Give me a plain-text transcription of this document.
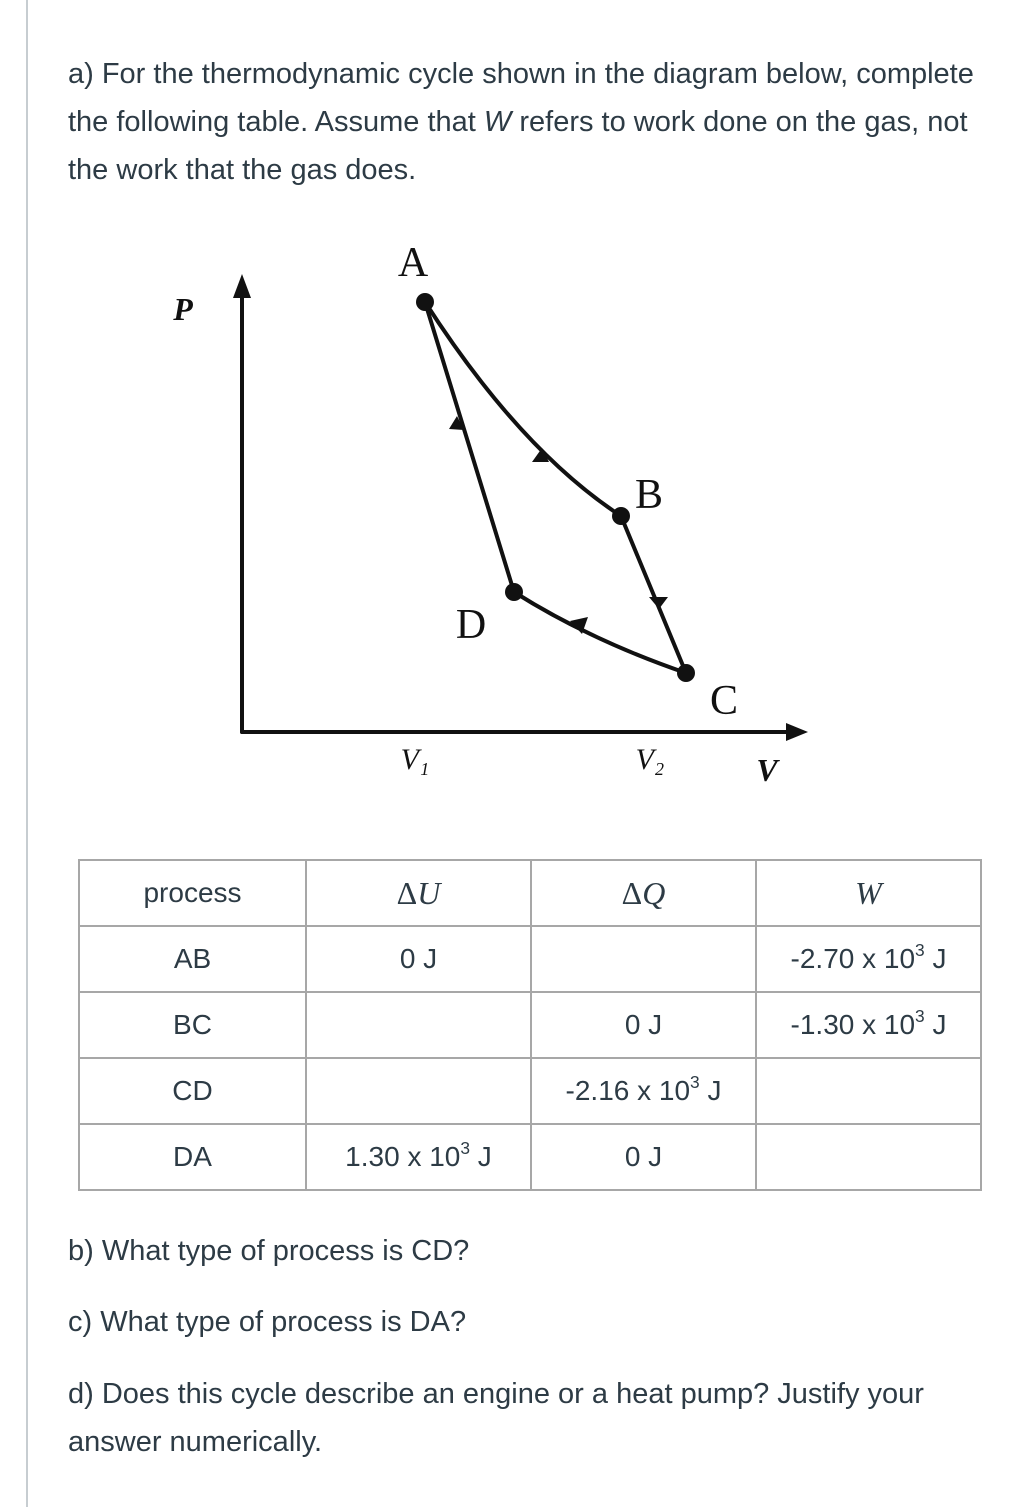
a) For the thermodynamic cycle shown in the diagram below, complete the following table. Assume that W refers to work done on the gas, not the work that the gas does.

A
B
C
D
P
V
V₁	V₂
process	ΔU	ΔQ	W
AB	0 J		-2.70 x $10^3$ J
BC		0 J	-1.30 x $10^3$ J
CD		-2.16 x $10^3$ J	
DA	1.30 x $10^3$ J	0 J	

b) What type of process is CD?

c) What type of process is DA?

d) Does this cycle describe an engine or a heat pump? Justify your answer numerically.
